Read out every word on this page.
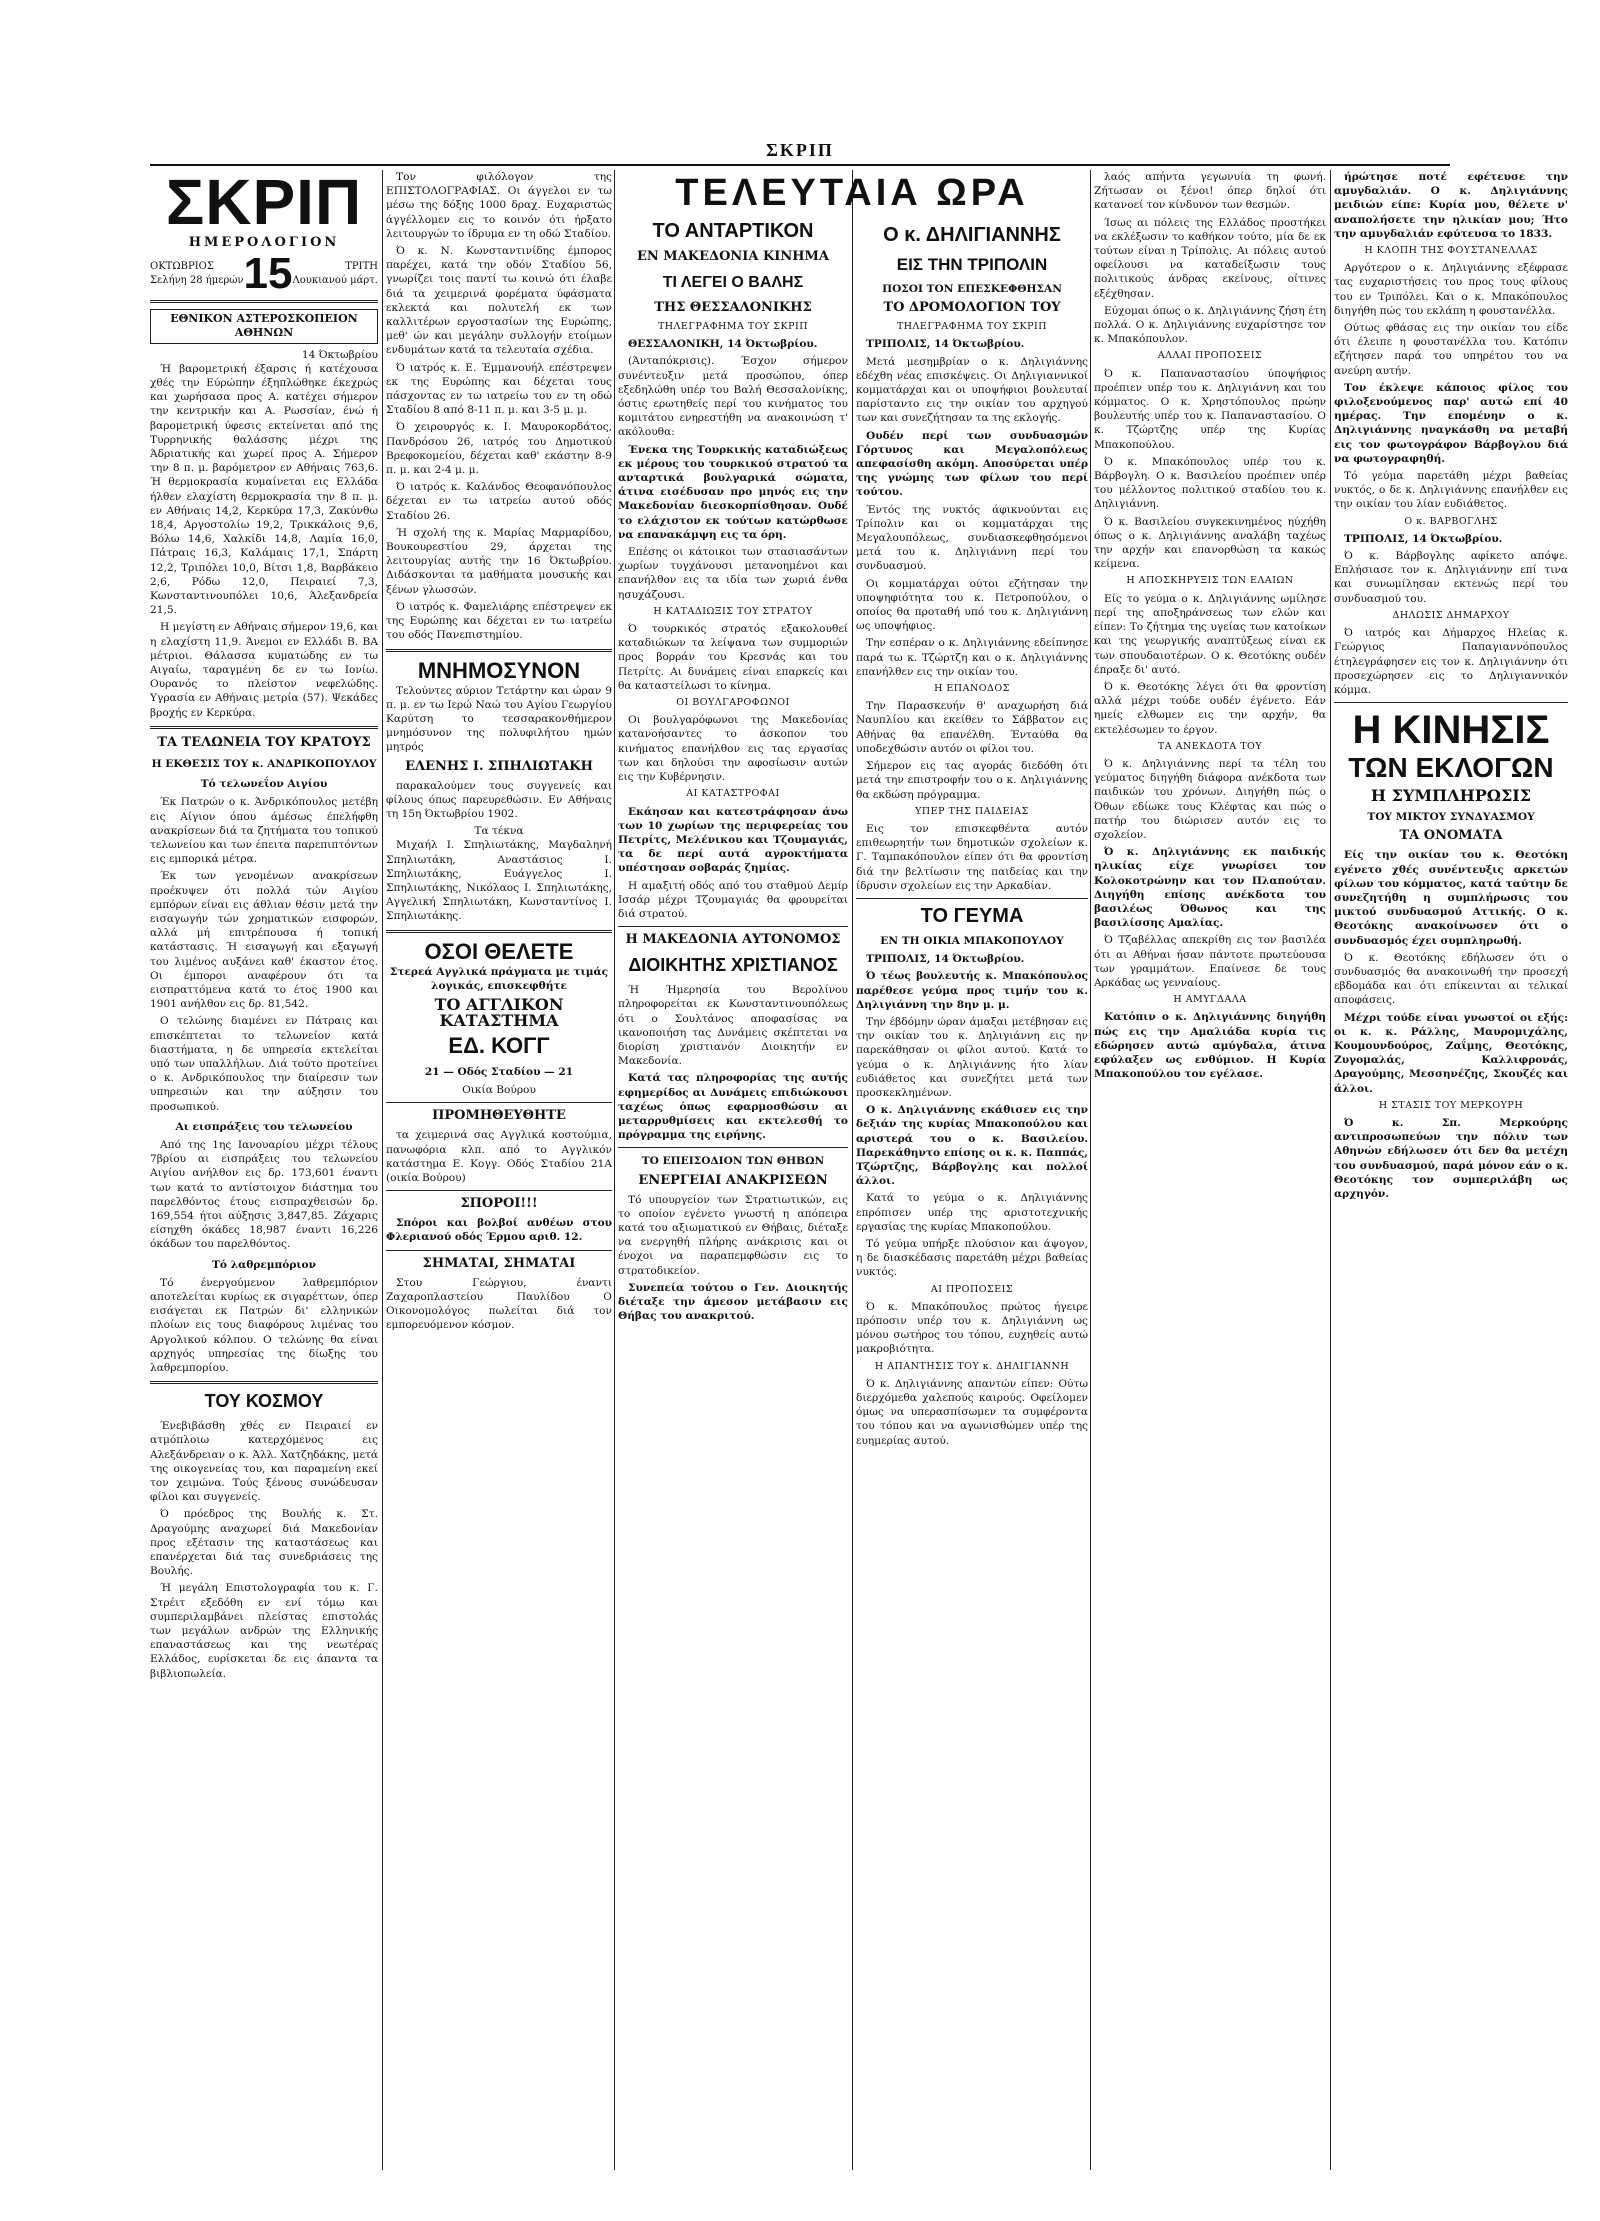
ΣΚΡΙΠ
ΣΚΡΙΠ
ΗΜΕΡΟΛΟΓΙΟΝ
ΟΚΤΩΒΡΙΟΣ
Σελήνη 28 ήμερών 15	ΤΡΙΤΗ
Λουκιανού μάρτ.
ΕΘΝΙΚΟΝ ΑΣΤΕΡΟΣΚΟΠΕΙΟΝ ΑΘΗΝΩΝ
14 Όκτωβρίου

Ή βαρομετρική έξαρσις ή κατέχουσα χθές την Εύρώπην έξηπλώθηκε έκεχρώς και χωρήσασα προς Α. κατέχει σήμερον την κεντρικήν και Α. Ρωσσίαν, ένώ ή βαρομετρική ύφεσις εκτείνεται από της Τυρρηνικής θαλάσσης μέχρι της Άδριατικής και χωρεί προς Α. Σήμερον την 8 π. μ. βαρόμετρον εν Αθήναις 763,6. Ή θερμοκρασία κυμαίνεται εις Ελλάδα ήλθεν ελαχίστη θερμοκρασία την 8 π. μ. εν Αθήναις 14,2, Κερκύρα 17,3, Ζακύνθω 18,4, Αργοστολίω 19,2, Τρικκάλοις 9,6, Βόλω 14,6, Χαλκίδι 14,8, Λαμία 16,0, Πάτραις 16,3, Καλάμαις 17,1, Σπάρτη 12,2, Τριπόλει 10,0, Βίτσι 1,8, Βαρβάκειο 2,6, Ρόδω 12,0, Πειραιεί 7,3, Κωνσταντινουπόλει 10,6, Άλεξανδρεία 21,5.

Η μεγίστη εν Αθήναις σήμερον 19,6, και η ελαχίστη 11,9. Άνεμοι εν Ελλάδι Β. ΒΑ μέτριοι. Θάλασσα κυματώδης εν τω Αιγαίω, ταραγμένη δε εν τω Ιονίω. Ουρανός το πλείστον νεφελώδης. Υγρασία εν Αθήναις μετρία (57). Ψεκάδες βροχής εν Κερκύρα.

ΤΑ ΤΕΛΩΝΕΙΑ ΤΟΥ ΚΡΑΤΟΥΣ
Η ΕΚΘΕΣΙΣ ΤΟΥ κ. ΑΝΔΡΙΚΟΠΟΥΛΟΥ
Τό τελωνεΐον Αιγίου

Έκ Πατρών ο κ. Άνδρικόπουλος μετέβη εις Αίγιον όπου άμέσως έπελήφθη ανακρίσεων διά τα ζητήματα του τοπικού τελωνείου και των έπειτα παρεπιπτόντων εις εμπορικά μέτρα.

Έκ των γενομένων ανακρίσεων προέκυψεν ότι πολλά τών Αιγίου εμπόρων είναι εις άθλιαν θέσιν μετά την εισαγωγήν τών χρηματικών εισφορών, αλλά μή επιτρέπουσα ή τοπική κατάστασις. Ή εισαγωγή και εξαγωγή του λιμένος αυξάνει καθ' έκαστον έτος. Οι έμποροι αναφέρουν ότι τα εισπραττόμενα κατά το έτος 1900 και 1901 ανήλθον εις δρ. 81,542.

Ο τελώνης διαμένει εν Πάτραις και επισκέπτεται το τελωνείον κατά διαστήματα, η δε υπηρεσία εκτελείται υπό των υπαλλήλων. Διά τούτο προτείνει ο κ. Ανδρικόπουλος την διαίρεσιν των υπηρεσιών και την αύξησιν του προσωπικού.

Αι εισπράξεις του τελωνείου

Από της 1ης Ιανουαρίου μέχρι τέλους 7βρίου αι εισπράξεις του τελωνείου Αιγίου ανήλθον εις δρ. 173,601 έναντι των κατά το αντίστοιχον διάστημα του παρελθόντος έτους εισπραχθεισών δρ. 169,554 ήτοι αύξησις 3,847,85. Ζάχαρις είσηχθη όκάδες 18,987 έναντι 16,226 όκάδων του παρελθόντος.

Τό λαθρεμπόριον

Τό ένεργούμενον λαθρεμπόριον αποτελείται κυρίως εκ σιγαρέττων, όπερ εισάγεται εκ Πατρών δι' ελληνικών πλοίων εις τους διαφόρους λιμένας του Αργολικού κόλπου. Ο τελώνης θα είναι αρχηγός υπηρεσίας της δίωξης του λαθρεμπορίου.

ΤΟΥ ΚΟΣΜΟΥ

Ένεβιβάσθη χθές εν Πειραιεί εν ατμόπλοιω κατερχόμενος εις Αλεξάνδρειαν ο κ. Άλλ. Χατζηδάκης, μετά της οικογενείας του, και παραμείνη εκεί τον χειμώνα. Τούς ξένους συνώδευσαν φίλοι και συγγενείς.

Ό πρόεδρος της Βουλής κ. Στ. Δραγούμης αναχωρεί διά Μακεδονίαν προς εξέτασιν της καταστάσεως και επανέρχεται διά τας συνεδριάσεις της Βουλής.

Ή μεγάλη Επιστολογραφία του κ. Γ. Στρέιτ εξεδόθη εν ενί τόμω και συμπεριλαμβάνει πλείστας επιστολάς των μεγάλων ανδρών της Ελληνικής επαναστάσεως και της νεωτέρας Ελλάδος, ευρίσκεται δε εις άπαντα τα βιβλιοπωλεία.

Τον φιλόλογον της ΕΠΙΣΤΟΛΟΓΡΑΦΙΑΣ. Οι άγγελοι εν τω μέσω της δόξης 1000 δραχ. Ευχαριστώς άγγέλλομεν εις το κοινόν ότι ήρξατο λειτουργών το ίδρυμα εν τη οδώ Σταδίου.

Ό κ. Ν. Κωνσταντινίδης έμπορος παρέχει, κατά την οδόν Σταδίου 56, γνωρίζει τοις παντί τω κοινώ ότι έλαβε διά τα χειμερινά φορέματα ύφάσματα εκλεκτά και πολυτελή εκ των καλλιτέρων εργοστασίων της Ευρώπης, μεθ' ών και μεγάλην συλλογήν ετοίμων ενδυμάτων κατά τα τελευταία σχέδια.

Ό ιατρός κ. Ε. Έμμανουήλ επέστρεψεν εκ της Ευρώπης και δέχεται τους πάσχοντας εν τω ιατρείω του εν τη οδώ Σταδίου 8 από 8-11 π. μ. και 3-5 μ. μ.

Ό χειρουργός κ. Ι. Μαυροκορδάτος, Πανδρόσου 26, ιατρός του Δημοτικού Βρεφοκομείου, δέχεται καθ' εκάστην 8-9 π. μ. και 2-4 μ. μ.

Ό ιατρός κ. Καλάνδος Θεοφανόπουλος δέχεται εν τω ιατρείω αυτού οδός Σταδίου 26.

Ή σχολή της κ. Μαρίας Μαρμαρίδου, Βουκουρεστίου 29, άρχεται της λειτουργίας αυτής την 16 Όκτωβρίου. Διδάσκονται τα μαθήματα μουσικής και ξένων γλωσσών.

Ό ιατρός κ. Φαμελιάρης επέστρεψεν εκ της Ευρώπης και δέχεται εν τω ιατρείω του οδός Πανεπιστημίου.

ΜΝΗΜΟΣΥΝΟΝ

Τελούντες αύριον Τετάρτην και ώραν 9 π. μ. εν τω Ιερώ Ναώ του Αγίου Γεωργίου Καρύτση το τεσσαρακονθήμερον μνημόσυνον της πολυφιλήτου ημών μητρός

ΕΛΕΝΗΣ Ι. ΣΠΗΛΙΩΤΑΚΗ

παρακαλούμεν τους συγγενείς και φίλους όπως παρευρεθώσιν. Εν Αθήναις τη 15η Όκτωβρίου 1902.

Τα τέκνα

Μιχαήλ Ι. Σπηλιωτάκης, Μαγδαληνή Σπηλιωτάκη, Αναστάσιος Ι. Σπηλιωτάκης, Ευάγγελος Ι. Σπηλιωτάκης, Νικόλαος Ι. Σπηλιωτάκης, Αγγελική Σπηλιωτάκη, Κωνσταντίνος Ι. Σπηλιωτάκης.

ΟΣΟΙ ΘΕΛΕΤΕ

Στερεά Αγγλικά πράγματα με τιμάς λογικάς, επισκεφθήτε

ΤΟ ΑΓΓΛΙΚΟΝ ΚΑΤΑΣΤΗΜΑ
ΕΔ. ΚΟΓΓ
21 — Οδός Σταδίου — 21
Οικία Βούρου
ΠΡΟΜΗΘΕΥΘΗΤΕ

τα χειμερινά σας Αγγλικά κοστούμια, πανωφόρια κλπ. από το Αγγλικόν κατάστημα Ε. Κογγ. Οδός Σταδίου 21Α (οικία Βούρου)

ΣΠΟΡΟΙ!!!

Σπόροι και βολβοί ανθέων στου Φλεριανού οδός Έρμου αριθ. 12.

ΣΗΜΑΤΑΙ, ΣΗΜΑΤΑΙ

Στου Γεώργιου, έναντι Ζαχαροπλαστείου Παυλίδου Ο Οικονομολόγος πωλείται διά τον εμπορευόμενον κόσμον.

ΤΕΛΕΥΤΑΙΑ ΩΡΑ
ΤΟ ΑΝΤΑΡΤΙΚΟΝ
ΕΝ ΜΑΚΕΔΟΝΙΑ ΚΙΝΗΜΑ
ΤΙ ΛΕΓΕΙ Ο ΒΑΛΗΣ
ΤΗΣ ΘΕΣΣΑΛΟΝΙΚΗΣ
ΤΗΛΕΓΡΑΦΗΜΑ ΤΟΥ ΣΚΡΙΠ

ΘΕΣΣΑΛΟΝΙΚΗ, 14 Όκτωβρίου.

(Άνταπόκρισις). Έσχον σήμερον συνέντευξιν μετά προσώπου, όπερ εξεδηλώθη υπέρ του Βαλή Θεσσαλονίκης, όστις ερωτηθείς περί του κινήματος του κομιτάτου ενηρεστήθη να ανακοινώση τ' ακόλουθα:

Ένεκα της Τουρκικής καταδιώξεως εκ μέρους του τουρκικού στρατού τα ανταρτικά βουλγαρικά σώματα, άτινα εισέδυσαν προ μηνός εις την Μακεδονίαν διεσκορπίσθησαν. Ουδέ το ελάχιστον εκ τούτων κατώρθωσε να επανακάμψη εις τα όρη.

Επέσης οι κάτοικοι των στασιασάντων χωρίων τυγχάνουσι μετανοημένοι και επανήλθον εις τα ιδία των χωριά ένθα ησυχάζουσι.

Η ΚΑΤΑΔΙΩΞΙΣ ΤΟΥ ΣΤΡΑΤΟΥ

Ό τουρκικός στρατός εξακολουθεί καταδιώκων τα λείψανα των συμμοριών προς βορράν του Κρεσνάς και του Πετρίτς. Αι δυνάμεις είναι επαρκείς και θα καταστείλωσι το κίνημα.

ΟΙ ΒΟΥΛΓΑΡΟΦΩΝΟΙ

Οι βουλγαρόφωνοι της Μακεδονίας κατανοήσαντες το άσκοπον του κινήματος επανήλθον εις τας εργασίας των και δηλούσι την αφοσίωσιν αυτών εις την Κυβέρνησιν.

ΑΙ ΚΑΤΑΣΤΡΟΦΑΙ

Εκάησαν και κατεστράφησαν άνω των 10 χωρίων της περιφερείας του Πετρίτς, Μελένικου και Τζουμαγιάς, τα δε περί αυτά αγροκτήματα υπέστησαν σοβαράς ζημίας.

Η αμαξιτή οδός από του σταθμού Δεμίρ Ισσάρ μέχρι Τζουμαγιάς θα φρουρείται διά στρατού.

Η ΜΑΚΕΔΟΝΙΑ ΑΥΤΟΝΟΜΟΣ
ΔΙΟΙΚΗΤΗΣ ΧΡΙΣΤΙΑΝΟΣ

Ή Ήμερησία του Βερολίνου πληροφορείται εκ Κωνσταντινουπόλεως ότι ο Σουλτάνος αποφασίσας να ικανοποιήση τας Δυνάμεις σκέπτεται να διορίση χριστιανόν Διοικητήν εν Μακεδονία.

Κατά τας πληροφορίας της αυτής εφημερίδος αι Δυνάμεις επιδιώκουσι ταχέως όπως εφαρμοσθώσιν αι μεταρρυθμίσεις και εκτελεσθή το πρόγραμμα της ειρήνης.

ΤΟ ΕΠΕΙΣΟΔΙΟΝ ΤΩΝ ΘΗΒΩΝ
ΕΝΕΡΓΕΙΑΙ ΑΝΑΚΡΙΣΕΩΝ

Τό υπουργείον των Στρατιωτικών, εις το οποίον εγένετο γνωστή η απόπειρα κατά του αξιωματικού εν Θήβαις, διέταξε να ενεργηθή πλήρης ανάκρισις και οι ένοχοι να παραπεμφθώσιν εις το στρατοδικείον.

Συνεπεία τούτου ο Γεν. Διοικητής διέταξε την άμεσον μετάβασιν εις Θήβας του ανακριτού.

Ο κ. ΔΗΛΙΓΙΑΝΝΗΣ
ΕΙΣ ΤΗΝ ΤΡΙΠΟΛΙΝ
ΠΟΣΟΙ ΤΟΝ ΕΠΕΣΚΕΦΘΗΣΑΝ
ΤΟ ΔΡΟΜΟΛΟΓΙΟΝ ΤΟΥ
ΤΗΛΕΓΡΑΦΗΜΑ ΤΟΥ ΣΚΡΙΠ

ΤΡΙΠΟΛΙΣ, 14 Όκτωβρίου.

Μετά μεσημβρίαν ο κ. Δηλιγιάννης εδέχθη νέας επισκέψεις. Οι Δηλιγιαννικοί κομματάρχαι και οι υποψήφιοι βουλευταί παρίσταντο εις την οικίαν του αρχηγού των και συνεζήτησαν τα της εκλογής.

Ουδέν περί των συνδυασμών Γόρτυνος και Μεγαλοπόλεως απεφασίσθη ακόμη. Αποσύρεται υπέρ της γνώμης των φίλων του περί τούτου.

Έντός της νυκτός άφικνούνται εις Τρίπολιν και οι κομματάρχαι της Μεγαλουπόλεως, συνδιασκεφθησόμενοι μετά του κ. Δηλιγιάννη περί του συνδυασμού.

Οι κομματάρχαι ούτοι εζήτησαν την υποψηφιότητα του κ. Πετροπούλου, ο οποίος θα προταθή υπό του κ. Δηλιγιάννη ως υποψήφιος.

Την εσπέραν ο κ. Δηλιγιάννης εδείπνησε παρά τω κ. Τζώρτζη και ο κ. Δηλιγιάννης επανήλθεν εις την οικίαν του.

Η ΕΠΑΝΟΔΟΣ

Την Παρασκευήν θ' αναχωρήση διά Ναυπλίου και εκείθεν το Σάββατον εις Αθήνας θα επανέλθη. Ένταύθα θα υποδεχθώσιν αυτόν οι φίλοι του.

Σήμερον εις τας αγοράς διεδόθη ότι μετά την επιστροφήν του ο κ. Δηλιγιάννης θα εκδώση πρόγραμμα.

ΥΠΕΡ ΤΗΣ ΠΑΙΔΕΙΑΣ

Εις τον επισκεφθέντα αυτόν επιθεωρητήν των δημοτικών σχολείων κ. Γ. Ταμπακόπουλον είπεν ότι θα φροντίση διά την βελτίωσιν της παιδείας και την ίδρυσιν σχολείων εις την Αρκαδίαν.

ΤΟ ΓΕΥΜΑ
ΕΝ ΤΗ ΟΙΚΙΑ ΜΠΑΚΟΠΟΥΛΟΥ

ΤΡΙΠΟΛΙΣ, 14 Όκτωβρίου.

Ό τέως βουλευτής κ. Μπακόπουλος παρέθεσε γεύμα προς τιμήν του κ. Δηλιγιάννη την 8ην μ. μ.

Την έβδόμην ώραν άμαξαι μετέβησαν εις την οικίαν του κ. Δηλιγιάννη εις ην παρεκάθησαν οι φίλοι αυτού. Κατά το γεύμα ο κ. Δηλιγιάννης ήτο λίαν ευδιάθετος και συνεζήτει μετά των προσκεκλημένων.

Ο κ. Δηλιγιάννης εκάθισεν εις την δεξιάν της κυρίας Μπακοπούλου και αριστερά του ο κ. Βασιλείου. Παρεκάθηντο επίσης οι κ. κ. Παππάς, Τζώρτζης, Βάρβογλης και πολλοί άλλοι.

Κατά το γεύμα ο κ. Δηλιγιάννης επρόπισεν υπέρ της αριστοτεχνικής εργασίας της κυρίας Μπακοπούλου.

Τό γεύμα υπήρξε πλούσιον και άψογον, η δε διασκέδασις παρετάθη μέχρι βαθείας νυκτός.

ΑΙ ΠΡΟΠΟΣΕΙΣ

Ό κ. Μπακόπουλος πρώτος ήγειρε πρόποσιν υπέρ του κ. Δηλιγιάννη ως μόνου σωτήρος του τόπου, ευχηθείς αυτώ μακροβιότητα.

Η ΑΠΑΝΤΗΣΙΣ ΤΟΥ κ. ΔΗΛΙΓΙΑΝΝΗ

Ό κ. Δηλιγιάννης απαντών είπεν: Ούτω διερχόμεθα χαλεπούς καιρούς. Οφείλομεν όμως να υπερασπίσωμεν τα συμφέροντα του τόπου και να αγωνισθώμεν υπέρ της ευημερίας αυτού.

λαός απήντα γεγωνυία τη φωνή. Ζήτωσαν οι ξένοι! όπερ δηλοί ότι κατανοεί τον κίνδυνον των θεσμών.

Ίσως αι πόλεις της Ελλάδος προστήκει να εκλέξωσιν το καθήκον τούτο, μία δε εκ τούτων είναι η Τρίπολις. Αι πόλεις αυτού οφείλουσι να καταδείξωσιν τους πολιτικούς άνδρας εκείνους, οίτινες εξέχθησαν.

Εύχομαι όπως ο κ. Δηλιγιάννης ζήση έτη πολλά. Ο κ. Δηλιγιάννης ευχαρίστησε τον κ. Μπακόπουλον.

ΑΛΛΑΙ ΠΡΟΠΟΣΕΙΣ

Ό κ. Παπαναστασίου ύποψήφιος προέπιεν υπέρ του κ. Δηλιγιάννη και του κόμματος. Ο κ. Χρηστόπουλος πρώην βουλευτής υπέρ του κ. Παπαναστασίου. Ο κ. Τζώρτζης υπέρ της Κυρίας Μπακοπούλου.

Ό κ. Μπακόπουλος υπέρ του κ. Βάρβογλη. Ο κ. Βασιλείου προέπιεν υπέρ του μέλλοντος πολιτικού σταδίου του κ. Δηλιγιάννη.

Ό κ. Βασιλείου συγκεκινημένος ηύχήθη όπως ο κ. Δηλιγιάννης αναλάβη ταχέως την αρχήν και επανορθώση τα κακώς κείμενα.

Η ΑΠΟΣΚΗΡΥΞΙΣ ΤΩΝ ΕΛΑΙΩΝ

Είς το γεύμα ο κ. Δηλιγιάννης ωμίλησε περί της αποξηράνσεως των ελών και είπεν: Το ζήτημα της υγείας των κατοίκων και της γεωργικής αναπτύξεως είναι εκ των σπουδαιοτέρων. Ο κ. Θεοτόκης ουδέν έπραξε δι' αυτό.

Ό κ. Θεοτόκης λέγει ότι θα φροντίση αλλά μέχρι τούδε ουδέν έγένετο. Εάν ημείς ελθωμεν εις την αρχήν, θα εκτελέσωμεν το έργον.

ΤΑ ΑΝΕΚΔΟΤΑ ΤΟΥ

Ό κ. Δηλιγιάννης περί τα τέλη του γεύματος διηγήθη διάφορα ανέκδοτα των παιδικών του χρόνων. Διηγήθη πώς ο Όθων εδίωκε τους Κλέφτας και πώς ο πατήρ του διώρισεν αυτόν εις το σχολείον.

Ό κ. Δηλιγιάννης εκ παιδικής ηλικίας είχε γνωρίσει τον Κολοκοτρώνην και τον Πλαπούταν. Διηγήθη επίσης ανέκδοτα του βασιλέως Όθωνος και της βασιλίσσης Αμαλίας.

Ό Τζαβέλλας απεκρίθη εις τον βασιλέα ότι αι Αθήναι ήσαν πάντοτε πρωτεύουσα των γραμμάτων. Επαίνεσε δε τους Αρκάδας ως γενναίους.

Η ΑΜΥΓΔΑΛΑ

Κατόπιν ο κ. Δηλιγιάννης διηγήθη πώς εις την Αμαλιάδα κυρία τις εδώρησεν αυτώ αμύγδαλα, άτινα εφύλαξεν ως ενθύμιον. Η Κυρία Μπακοπούλου τον εγέλασε.

ήρώτησε ποτέ εφέτευσε την αμυγδαλιάν. Ο κ. Δηλιγιάννης μειδιών είπε: Κυρία μου, θέλετε ν' αναπολήσετε την ηλικίαν μου; Ήτο την αμυγδαλιάν εφύτευσα το 1833.

Η ΚΛΟΠΗ ΤΗΣ ΦΟΥΣΤΑΝΕΛΛΑΣ

Αργότερον ο κ. Δηλιγιάννης εξέφρασε τας ευχαριστήσεις του προς τους φίλους του εν Τριπόλει. Και ο κ. Μπακόπουλος διηγήθη πώς του εκλάπη η φουστανέλλα.

Ούτως φθάσας εις την οικίαν του είδε ότι έλειπε η φουστανέλλα του. Κατόπιν εζήτησεν παρά του υπηρέτου του να ανεύρη αυτήν.

Τον έκλεψε κάποιος φίλος του φιλοξενούμενος παρ' αυτώ επί 40 ημέρας. Την επομένην ο κ. Δηλιγιάννης ηναγκάσθη να μεταβή εις τον φωτογράφον Βάρβογλου διά να φωτογραφηθή.

Τό γεύμα παρετάθη μέχρι βαθείας νυκτός, ο δε κ. Δηλιγιάννης επανήλθεν εις την οικίαν του λίαν ευδιάθετος.

Ο κ. ΒΑΡΒΟΓΛΗΣ

ΤΡΙΠΟΛΙΣ, 14 Όκτωβρίου.

Ό κ. Βάρβογλης αφίκετο απόψε. Επλήσιασε τον κ. Δηλιγιάννην επί τινα και συνωμίλησαν εκτενώς περί του συνδυασμού του.

ΔΗΛΩΣΙΣ ΔΗΜΑΡΧΟΥ

Ό ιατρός και Δήμαρχος Ηλείας κ. Γεώργιος Παπαγιαννόπουλος έτηλεγράφησεν εις τον κ. Δηλιγιάννην ότι προσεχώρησεν εις το Δηλιγιαννικόν κόμμα.

Η ΚΙΝΗΣΙΣ
ΤΩΝ ΕΚΛΟΓΩΝ
Η ΣΥΜΠΛΗΡΩΣΙΣ
ΤΟΥ ΜΙΚΤΟΥ ΣΥΝΔΥΑΣΜΟΥ
ΤΑ ΟΝΟΜΑΤΑ

Είς την οικίαν του κ. Θεοτόκη εγένετο χθές συνέντευξις αρκετών φίλων του κόμματος, κατά ταύτην δε συνεζητήθη η συμπλήρωσις του μικτού συνδυασμού Αττικής. Ο κ. Θεοτόκης ανακοίνωσεν ότι ο συνδυασμός έχει συμπληρωθή.

Ό κ. Θεοτόκης εδήλωσεν ότι ο συνδυασμός θα ανακοινωθή την προσεχή εβδομάδα και ότι επίκεινται αι τελικαί αποφάσεις.

Μέχρι τούδε είναι γνωστοί οι εξής: οι κ. κ. Ράλλης, Μαυρομιχάλης, Κουμουνδούρος, Ζαΐμης, Θεοτόκης, Ζυγομαλάς, Καλλιφρονάς, Δραγούμης, Μεσσηνέζης, Σκουζές και άλλοι.

Η ΣΤΑΣΙΣ ΤΟΥ ΜΕΡΚΟΥΡΗ

Ό κ. Σπ. Μερκούρης αντιπροσωπεύων την πόλιν των Αθηνών εδήλωσεν ότι δεν θα μετέχη του συνδυασμού, παρά μόνον εάν ο κ. Θεοτόκης τον συμπεριλάβη ως αρχηγόν.
